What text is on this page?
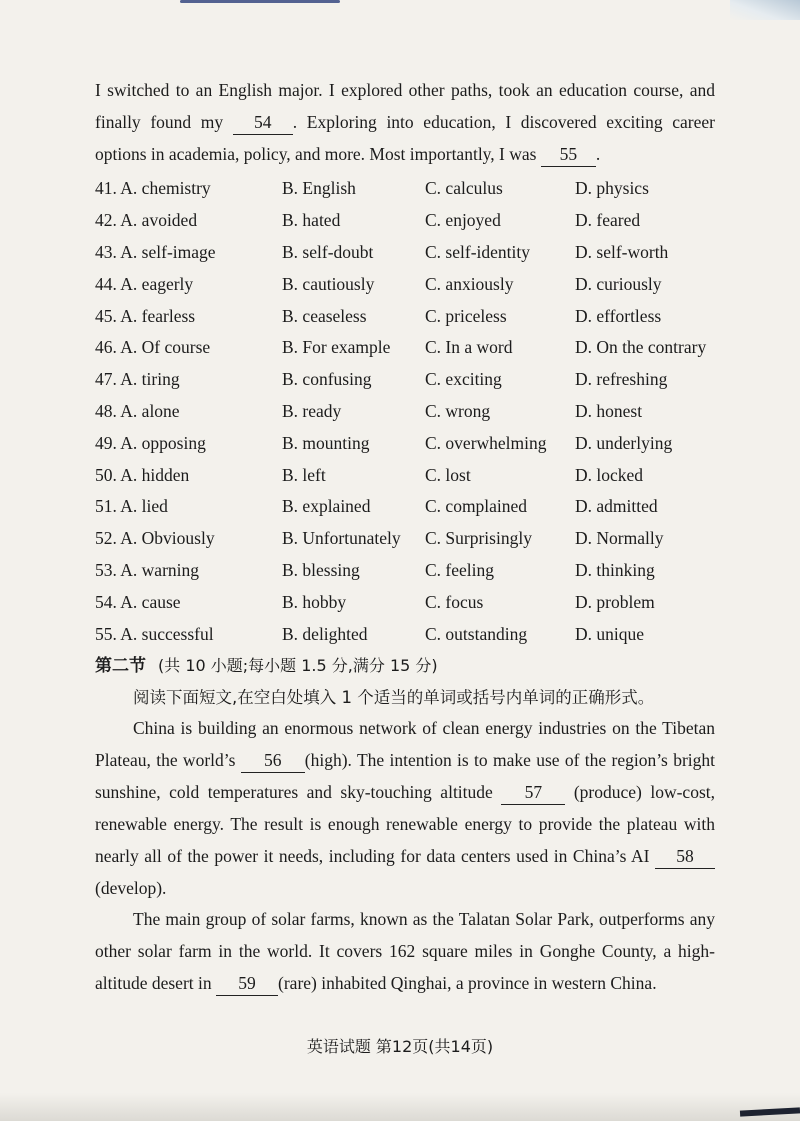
I switched to an English major. I explored other paths, took an education course, and finally found my 54 . Exploring into education, I discovered exciting career options in academia, policy, and more. Most importantly, I was 55 .

41. A. chemistry	B. English	C. calculus	D. physics
42. A. avoided	B. hated	C. enjoyed	D. feared
43. A. self-image	B. self-doubt	C. self-identity	D. self-worth
44. A. eagerly	B. cautiously	C. anxiously	D. curiously
45. A. fearless	B. ceaseless	C. priceless	D. effortless
46. A. Of course	B. For example	C. In a word	D. On the contrary
47. A. tiring	B. confusing	C. exciting	D. refreshing
48. A. alone	B. ready	C. wrong	D. honest
49. A. opposing	B. mounting	C. overwhelming	D. underlying
50. A. hidden	B. left	C. lost	D. locked
51. A. lied	B. explained	C. complained	D. admitted
52. A. Obviously	B. Unfortunately	C. Surprisingly	D. Normally
53. A. warning	B. blessing	C. feeling	D. thinking
54. A. cause	B. hobby	C. focus	D. problem
55. A. successful	B. delighted	C. outstanding	D. unique
第二节 (共 10 小题;每小题 1.5 分,满分 15 分)
阅读下面短文,在空白处填入 1 个适当的单词或括号内单词的正确形式。

China is building an enormous network of clean energy industries on the Tibetan Plateau, the world’s 56 (high). The intention is to make use of the region’s bright sunshine, cold temperatures and sky-touching altitude 57 (produce) low-cost, renewable energy. The result is enough renewable energy to provide the plateau with nearly all of the power it needs, including for data centers used in China’s AI 58(develop).

The main group of solar farms, known as the Talatan Solar Park, outperforms any other solar farm in the world. It covers 162 square miles in Gonghe County, a high-altitude desert in 59 (rare) inhabited Qinghai, a province in western China.

英语试题 第12页(共14页)
